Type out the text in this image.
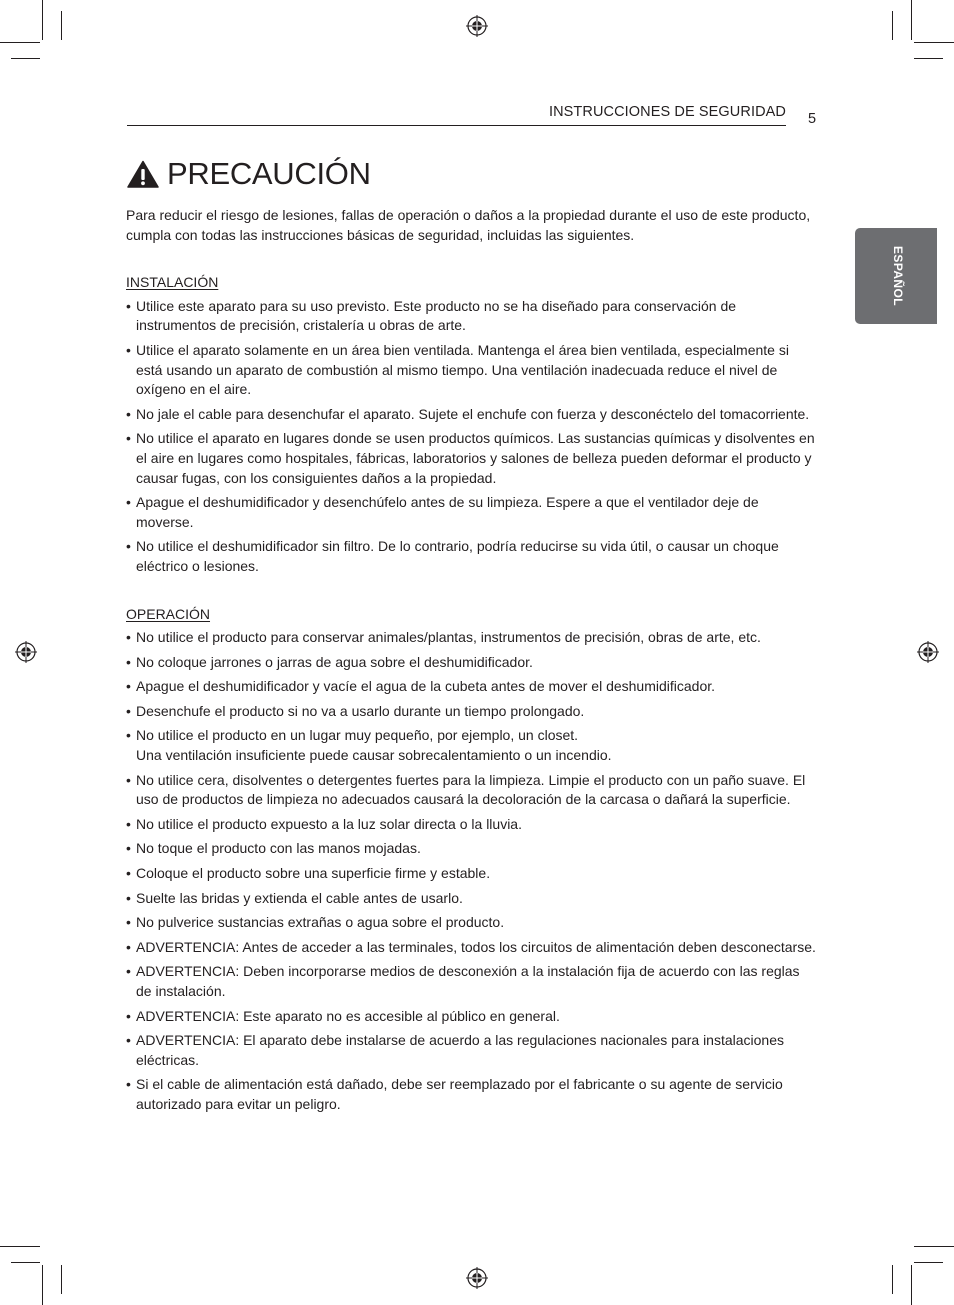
INSTRUCCIONES DE SEGURIDAD 5
ESPAÑOL
PRECAUCIÓN

Para reducir el riesgo de lesiones, fallas de operación o daños a la propiedad durante el uso de este producto, cumpla con todas las instrucciones básicas de seguridad, incluidas las siguientes.

INSTALACIÓN
• Utilice este aparato para su uso previsto. Este producto no se ha diseñado para conservación de instrumentos de precisión, cristalería u obras de arte.
• Utilice el aparato solamente en un área bien ventilada. Mantenga el área bien ventilada, especialmente si está usando un aparato de combustión al mismo tiempo. Una ventilación inadecuada reduce el nivel de oxígeno en el aire.
• No jale el cable para desenchufar el aparato. Sujete el enchufe con fuerza y desconéctelo del tomacorriente.
• No utilice el aparato en lugares donde se usen productos químicos. Las sustancias químicas y disolventes en el aire en lugares como hospitales, fábricas, laboratorios y salones de belleza pueden deformar el producto y causar fugas, con los consiguientes daños a la propiedad.
• Apague el deshumidificador y desenchúfelo antes de su limpieza. Espere a que el ventilador deje de moverse.
• No utilice el deshumidificador sin filtro. De lo contrario, podría reducirse su vida útil, o causar un choque eléctrico o lesiones.
OPERACIÓN
• No utilice el producto para conservar animales/plantas, instrumentos de precisión, obras de arte, etc.
• No coloque jarrones o jarras de agua sobre el deshumidificador.
• Apague el deshumidificador y vacíe el agua de la cubeta antes de mover el deshumidificador.
• Desenchufe el producto si no va a usarlo durante un tiempo prolongado.
• No utilice el producto en un lugar muy pequeño, por ejemplo, un closet.
Una ventilación insuficiente puede causar sobrecalentamiento o un incendio.
• No utilice cera, disolventes o detergentes fuertes para la limpieza. Limpie el producto con un paño suave. El uso de productos de limpieza no adecuados causará la decoloración de la carcasa o dañará la superficie.
• No utilice el producto expuesto a la luz solar directa o la lluvia.
• No toque el producto con las manos mojadas.
• Coloque el producto sobre una superficie firme y estable.
• Suelte las bridas y extienda el cable antes de usarlo.
• No pulverice sustancias extrañas o agua sobre el producto.
• ADVERTENCIA: Antes de acceder a las terminales, todos los circuitos de alimentación deben desconectarse.
• ADVERTENCIA: Deben incorporarse medios de desconexión a la instalación fija de acuerdo con las reglas de instalación.
• ADVERTENCIA: Este aparato no es accesible al público en general.
• ADVERTENCIA: El aparato debe instalarse de acuerdo a las regulaciones nacionales para instalaciones eléctricas.
• Si el cable de alimentación está dañado, debe ser reemplazado por el fabricante o su agente de servicio autorizado para evitar un peligro.
